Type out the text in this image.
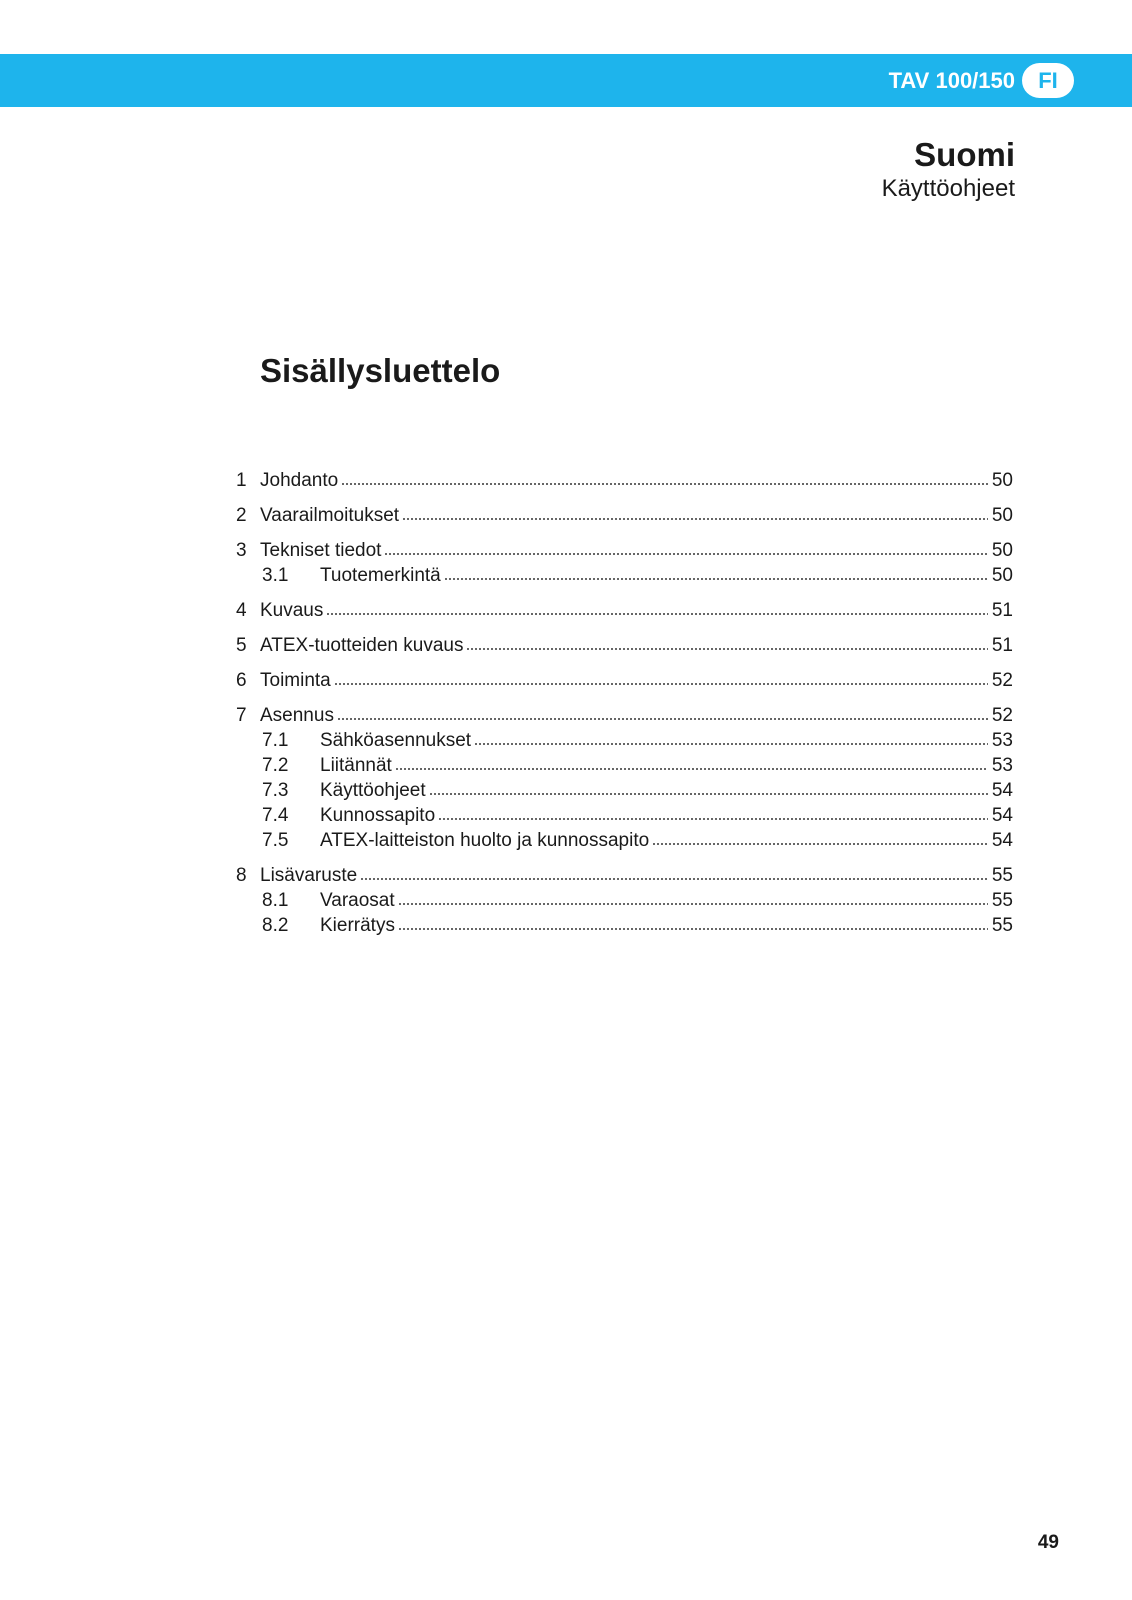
TAV 100/150	FI
Suomi
Käyttöohjeet
Sisällysluettelo
1 Johdanto	50
2 Vaarailmoitukset	50
3 Tekniset tiedot	50
3.1	Tuotemerkintä	50
4 Kuvaus	51
5 ATEX-tuotteiden kuvaus	51
6 Toiminta	52
7 Asennus	52
7.1	Sähköasennukset	53
7.2	Liitännät	53
7.3	Käyttöohjeet	54
7.4	Kunnossapito	54
7.5	ATEX-laitteiston huolto ja kunnossapito	54
8 Lisävaruste	55
8.1	Varaosat	55
8.2	Kierrätys	55
49
